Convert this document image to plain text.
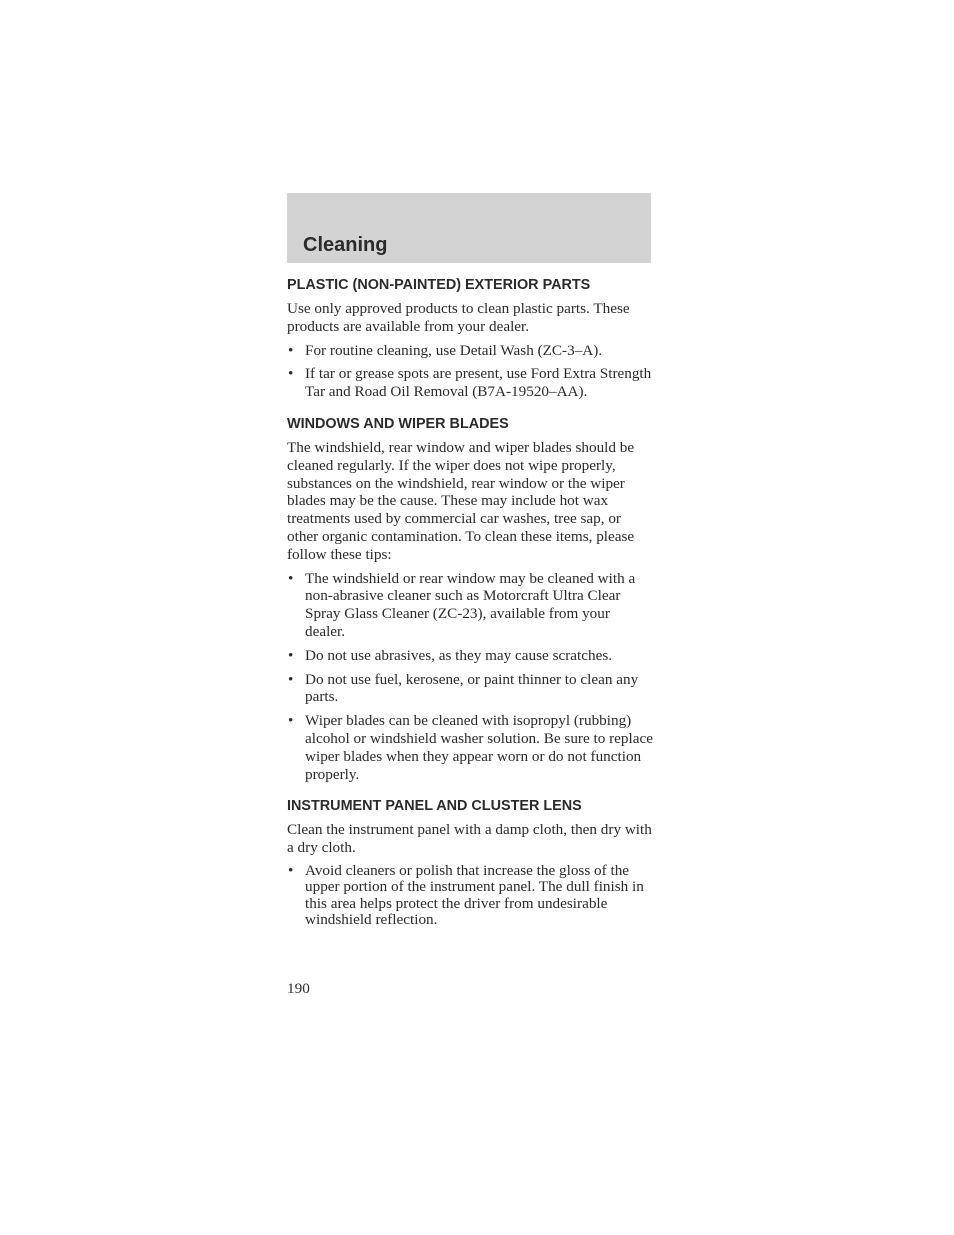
Cleaning
PLASTIC (NON-PAINTED) EXTERIOR PARTS

Use only approved products to clean plastic parts. These products are available from your dealer.

• For routine cleaning, use Detail Wash (ZC-3–A).
• If tar or grease spots are present, use Ford Extra Strength Tar and Road Oil Removal (B7A-19520–AA).
WINDOWS AND WIPER BLADES

The windshield, rear window and wiper blades should be cleaned regularly. If the wiper does not wipe properly, substances on the windshield, rear window or the wiper blades may be the cause. These may include hot wax treatments used by commercial car washes, tree sap, or other organic contamination. To clean these items, please follow these tips:

• The windshield or rear window may be cleaned with a non-abrasive cleaner such as Motorcraft Ultra Clear Spray Glass Cleaner (ZC-23), available from your dealer.
• Do not use abrasives, as they may cause scratches.
• Do not use fuel, kerosene, or paint thinner to clean any parts.
• Wiper blades can be cleaned with isopropyl (rubbing) alcohol or windshield washer solution. Be sure to replace wiper blades when they appear worn or do not function properly.
INSTRUMENT PANEL AND CLUSTER LENS

Clean the instrument panel with a damp cloth, then dry with a dry cloth.

• Avoid cleaners or polish that increase the gloss of the upper portion of the instrument panel. The dull finish in this area helps protect the driver from undesirable windshield reflection.
190
